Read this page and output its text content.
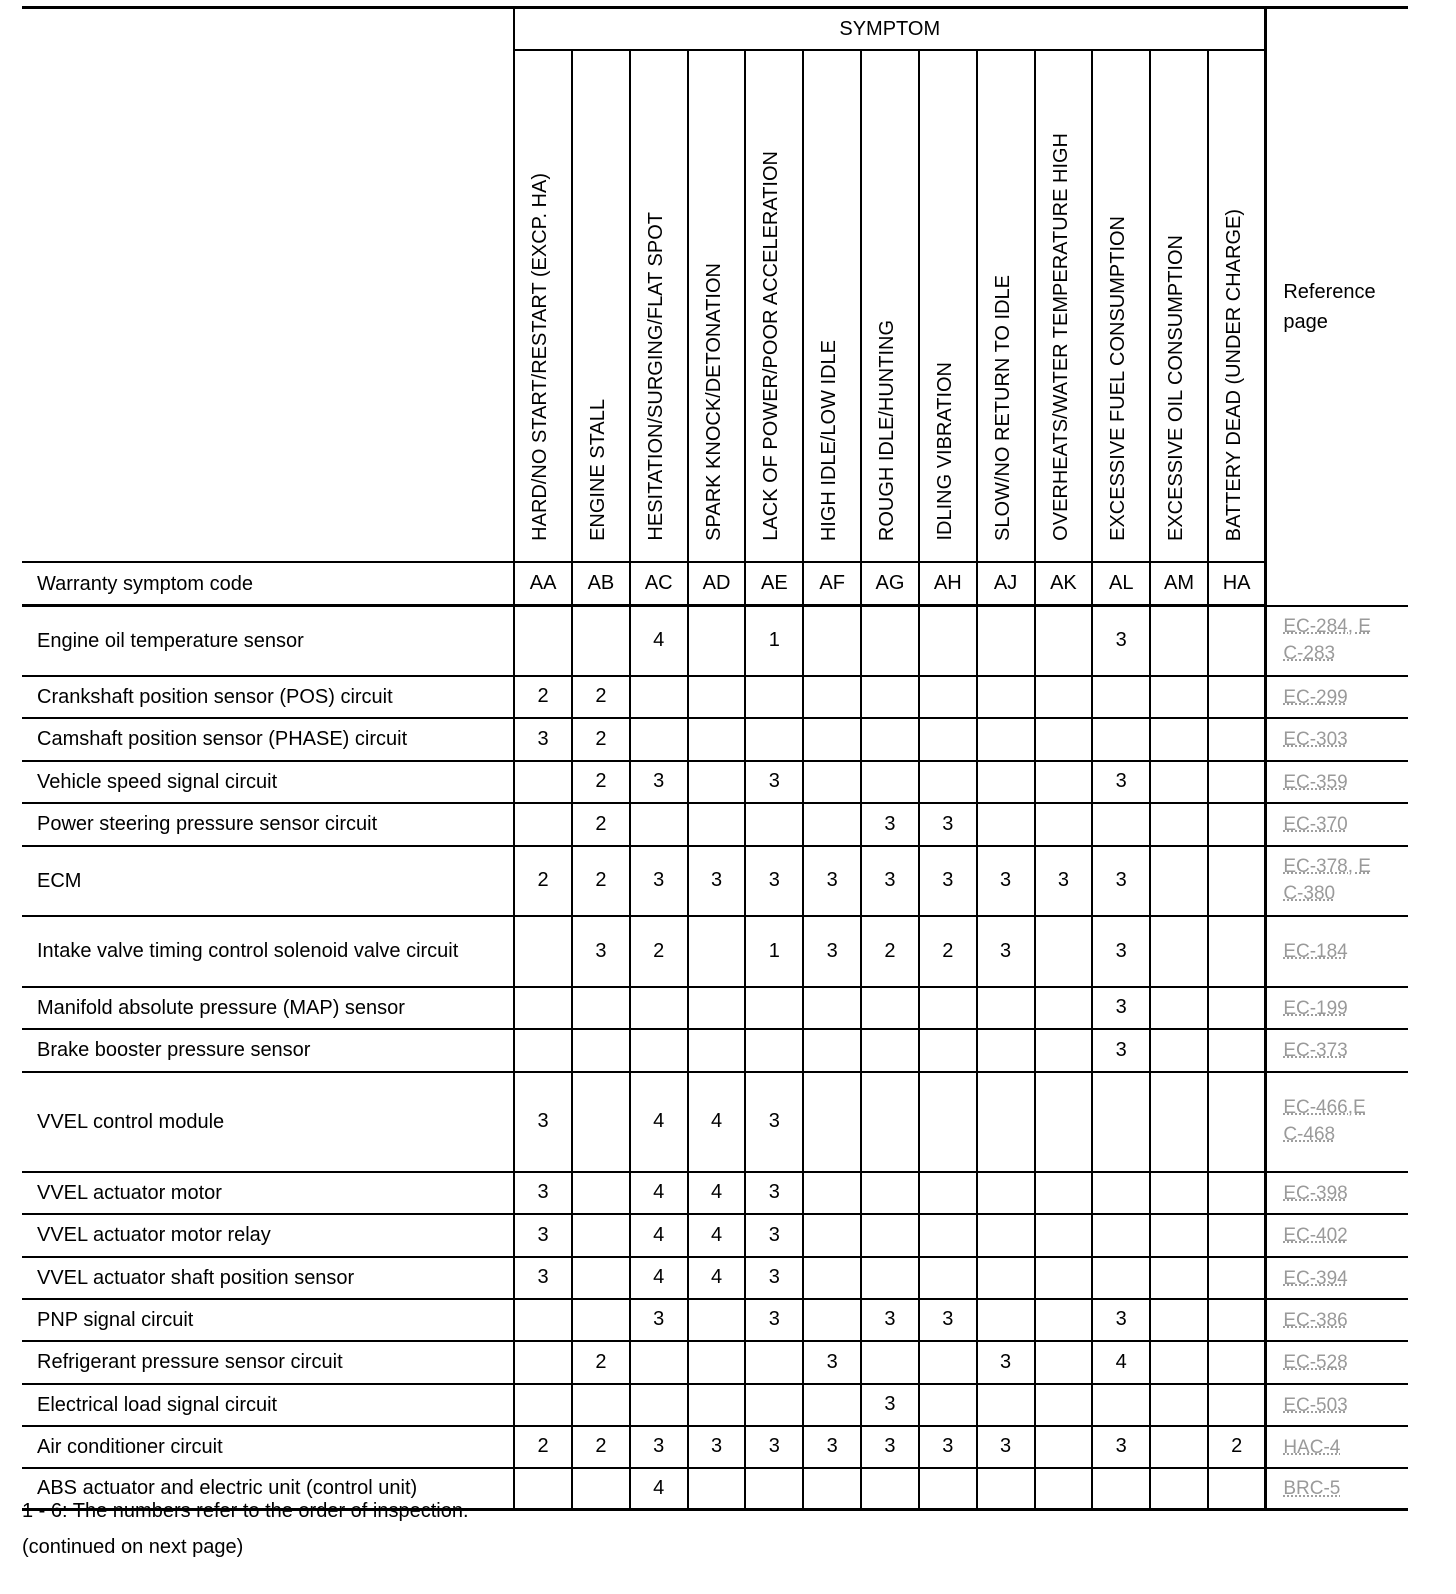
	SYMPTOM													Reference page
	HARD/NO START/RESTART (EXCP. HA)	ENGINE STALL	HESITATION/SURGING/FLAT SPOT	SPARK KNOCK/DETONATION	LACK OF POWER/POOR ACCELERATION	HIGH IDLE/LOW IDLE	ROUGH IDLE/HUNTING	IDLING VIBRATION	SLOW/NO RETURN TO IDLE	OVERHEATS/WATER TEMPERATURE HIGH	EXCESSIVE FUEL CONSUMPTION	EXCESSIVE OIL CONSUMPTION	BATTERY DEAD (UNDER CHARGE)	
Warranty symptom code	AA	AB	AC	AD	AE	AF	AG	AH	AJ	AK	AL	AM	HA	
Engine oil temperature sensor			4		1						3			EC-284, EC-283
Crankshaft position sensor (POS) circuit	2	2												EC-299
Camshaft position sensor (PHASE) circuit	3	2												EC-303
Vehicle speed signal circuit		2	3		3						3			EC-359
Power steering pressure sensor circuit		2					3	3						EC-370
ECM	2	2	3	3	3	3	3	3	3	3	3			EC-378, EC-380
Intake valve timing control solenoid valve circuit		3	2		1	3	2	2	3		3			EC-184
Manifold absolute pressure (MAP) sensor											3			EC-199
Brake booster pressure sensor											3			EC-373
VVEL control module	3		4	4	3									EC-466,EC-468
VVEL actuator motor	3		4	4	3									EC-398
VVEL actuator motor relay	3		4	4	3									EC-402
VVEL actuator shaft position sensor	3		4	4	3									EC-394
PNP signal circuit			3		3		3	3			3			EC-386
Refrigerant pressure sensor circuit		2				3			3		4			EC-528
Electrical load signal circuit							3							EC-503
Air conditioner circuit	2	2	3	3	3	3	3	3	3		3		2	HAC-4
ABS actuator and electric unit (control unit)			4											BRC-5
1 - 6: The numbers refer to the order of inspection.
(continued on next page)
